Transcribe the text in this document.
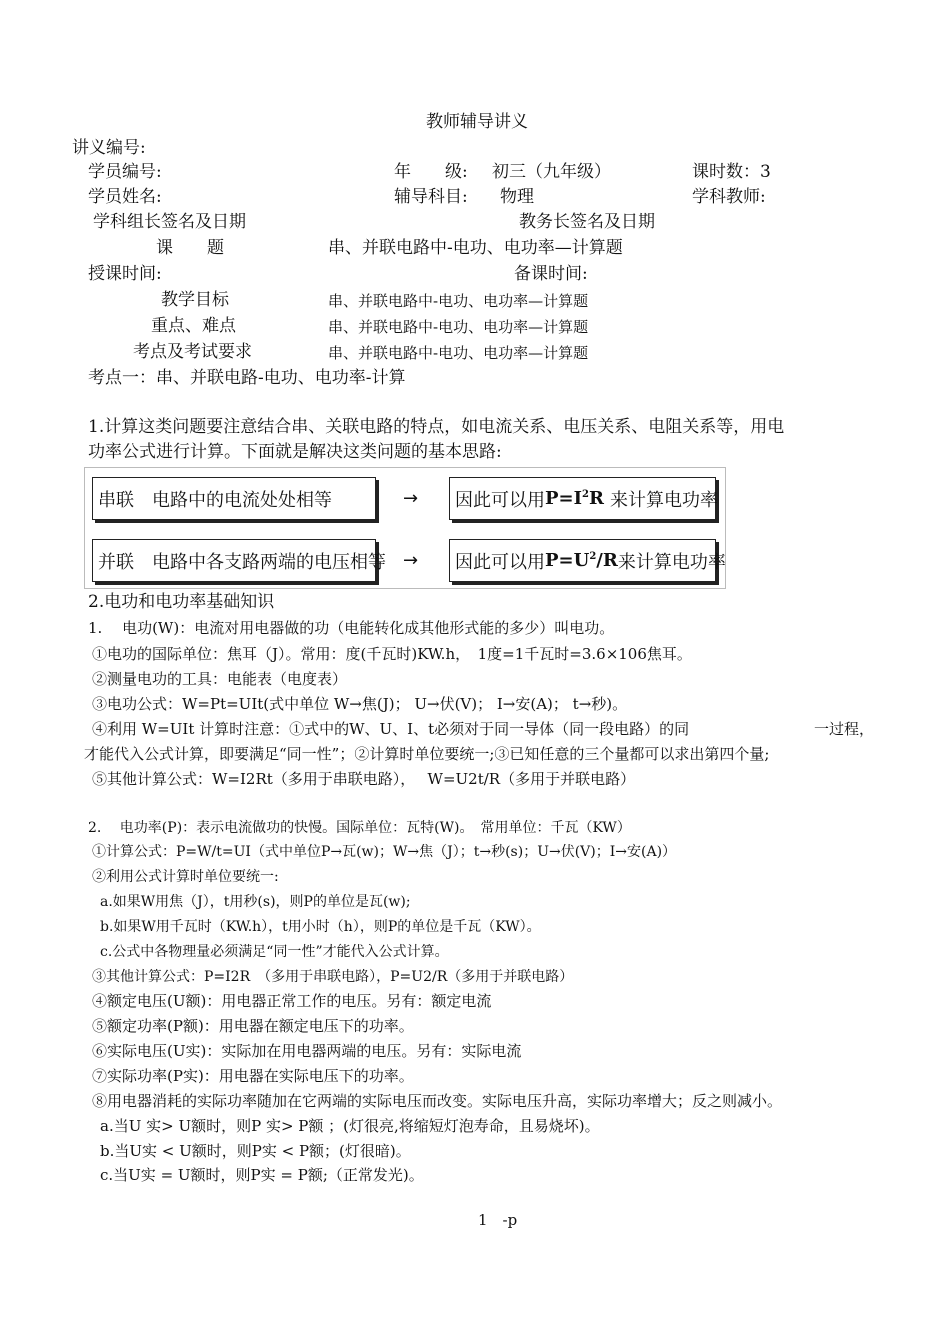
教师辅导讲义
讲义编号:
学员编号:	年　　级: 初三（九年级）	课时数：3
学员姓名:	辅导科目: 物理	学科教师:
学科组长签名及日期	教务长签名及日期
课　　题	串、并联电路中-电功、电功率—计算题
授课时间:	备课时间:
教学目标	串、并联电路中-电功、电功率—计算题
重点、难点	串、并联电路中-电功、电功率—计算题
考点及考试要求	串、并联电路中-电功、电功率—计算题
考点一：串、并联电路-电功、电功率-计算
1.计算这类问题要注意结合串、关联电路的特点，如电流关系、电压关系、电阻关系等，用电
功率公式进行计算。下面就是解决这类问题的基本思路:
串联　电路中的电流处处相等	→ 因此可以用 $P=I^2R$ 来计算电功率
并联　电路中各支路两端的电压相等 → 因此可以用 $P=U^2/R$ 来计算电功率
2.电功和电功率基础知识
1.　 电功(W)：电流对用电器做的功（电能转化成其他形式能的多少）叫电功。
①电功的国际单位：焦耳（J）。常用：度(千瓦时)KW.h，　1度=1千瓦时=3.6×106焦耳。
②测量电功的工具：电能表（电度表）
③电功公式：W=Pt=UIt(式中单位 W→焦(J)； U→伏(V)； I→安(A)； t→秒)。
④利用 W=UIt 计算时注意：①式中的W、U、I、t必须对于同一导体（同一段电路）的同	一过程，
才能代入公式计算，即要满足“同一性”；②计算时单位要统一;③已知任意的三个量都可以求出第四个量;
⑤其他计算公式：W=I2Rt（多用于串联电路），　 W=U2t/R（多用于并联电路）
2.　 电功率(P)：表示电流做功的快慢。国际单位：瓦特(W)。　常用单位：千瓦（KW）
①计算公式：P=W/t=UI（式中单位P→瓦(w)；W→焦（J）；t→秒(s)；U→伏(V)；I→安(A)）
②利用公式计算时单位要统一:
a.如果W用焦（J），t用秒(s)，则P的单位是瓦(w);
b.如果W用千瓦时（KW.h），t用小时（h），则P的单位是千瓦（KW）。
c.公式中各物理量必须满足“同一性”才能代入公式计算。
③其他计算公式：P=I2R　（多用于串联电路），P=U2/R（多用于并联电路）
④额定电压(U额)：用电器正常工作的电压。另有：额定电流
⑤额定功率(P额)：用电器在额定电压下的功率。
⑥实际电压(U实)：实际加在用电器两端的电压。另有：实际电流
⑦实际功率(P实)：用电器在实际电压下的功率。
⑧用电器消耗的实际功率随加在它两端的实际电压而改变。实际电压升高，实际功率增大；反之则减小。
a.当U 实> U额时，则P 实> P额 ；(灯很亮,将缩短灯泡寿命，且易烧坏)。
b.当U实 < U额时，则P实 < P额；(灯很暗)。
c.当U实 = U额时，则P实 = P额;（正常发光)。
1　-p
